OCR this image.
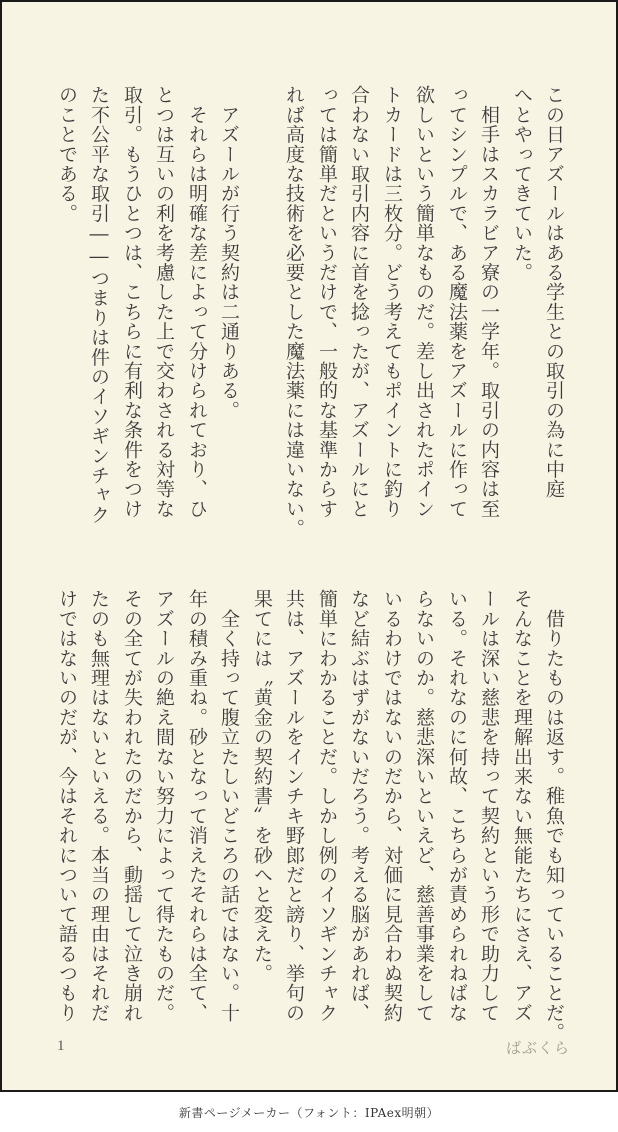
この日アズールはある学生との取引の為に中庭

へとやってきていた。

　相手はスカラビア寮の一学年。取引の内容は至

ってシンプルで、ある魔法薬をアズールに作って

欲しいという簡単なものだ。差し出されたポイン

トカードは三枚分。どう考えてもポイントに釣り

合わない取引内容に首を捻ったが、アズールにと

っては簡単だというだけで、一般的な基準からす

れば高度な技術を必要とした魔法薬には違いない。

　アズールが行う契約は二通りある。

　それらは明確な差によって分けられており、ひ

とつは互いの利を考慮した上で交わされる対等な

取引。もうひとつは、こちらに有利な条件をつけ

た不公平な取引――つまりは件のイソギンチャク

のことである。

　借りたものは返す。稚魚でも知っていることだ。

そんなことを理解出来ない無能たちにさえ、アズ

ールは深い慈悲を持って契約という形で助力して

いる。それなのに何故、こちらが責められねばな

らないのか。慈悲深いといえど、慈善事業をして

いるわけではないのだから、対価に見合わぬ契約

など結ぶはずがないだろう。考える脳があれば、

簡単にわかることだ。しかし例のイソギンチャク

共は、アズールをインチキ野郎だと謗り、挙句の

果てには〝黄金の契約書〟を砂へと変えた。

　全く持って腹立たしいどころの話ではない。十

年の積み重ね。砂となって消えたそれらは全て、

アズールの絶え間ない努力によって得たものだ。

その全てが失われたのだから、動揺して泣き崩れ

たのも無理はないといえる。本当の理由はそれだ

けではないのだが、今はそれについて語るつもり

1	ばぶくら
新書ページメーカー（フォント：IPAex明朝）
